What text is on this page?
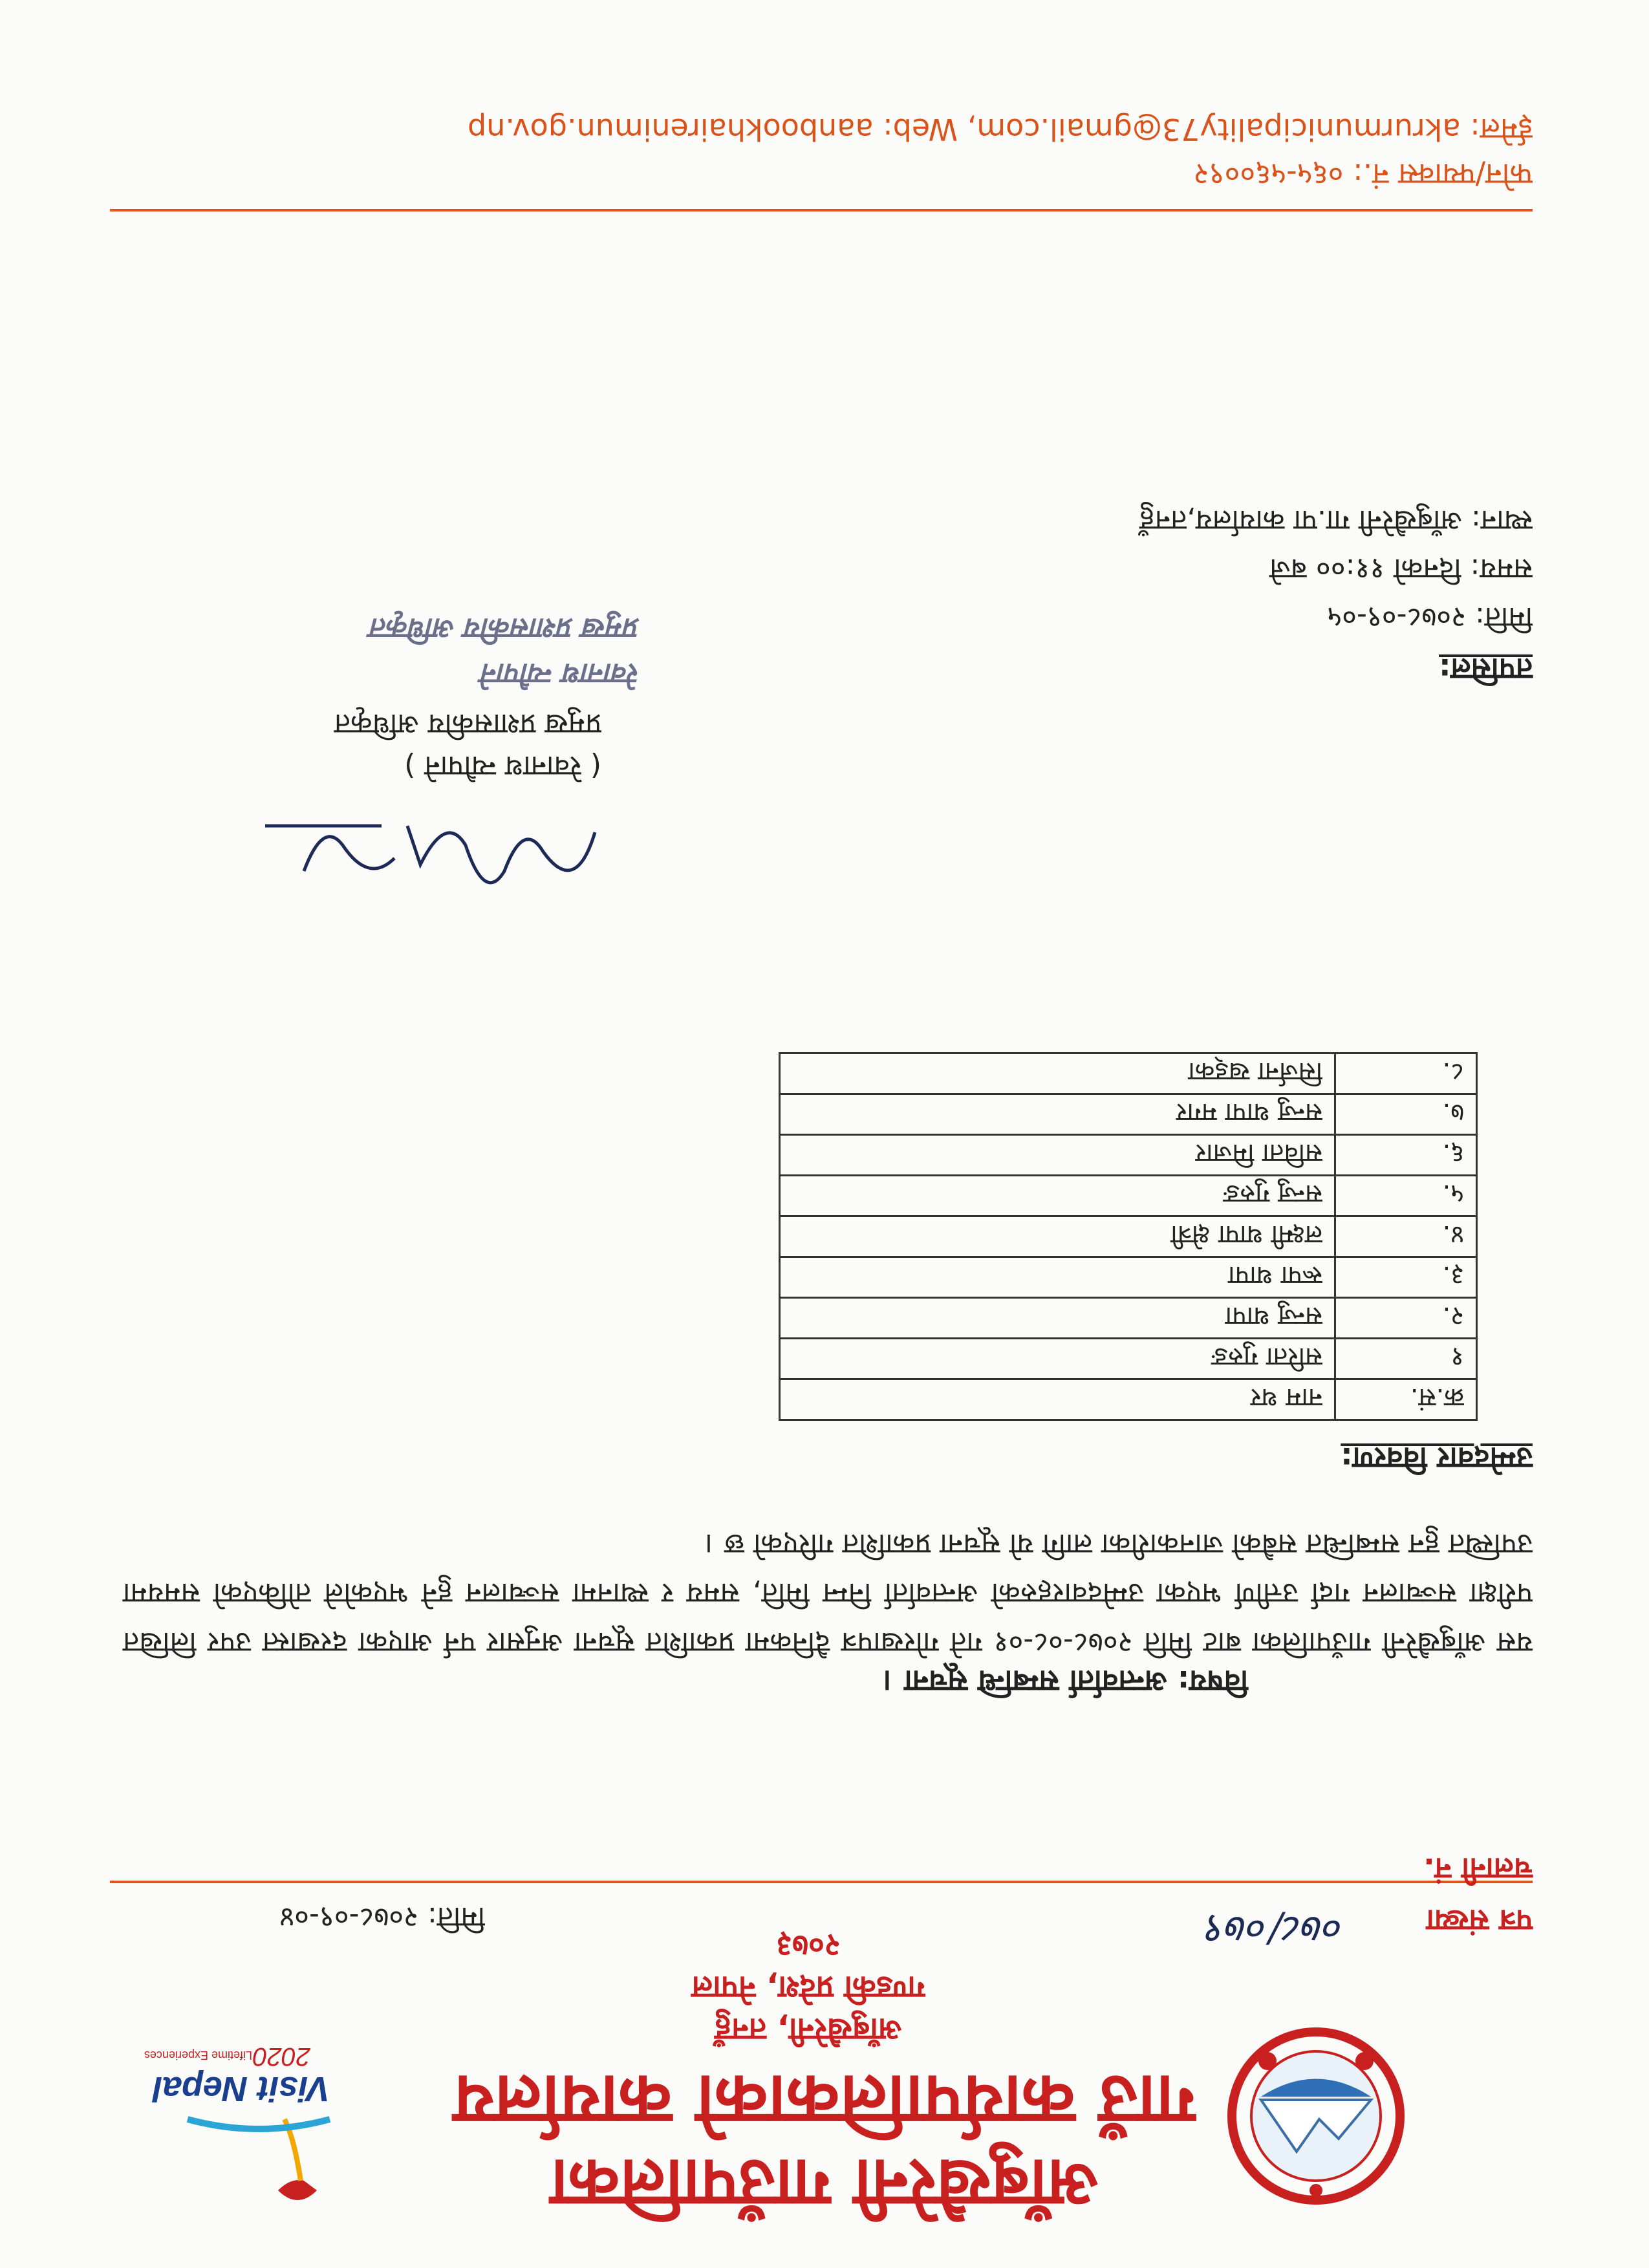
आँबुखैरेनी गाउँपालिका
गाउँ कार्यपालिकाको कार्यालय
आँबुखैरेनी, तनहुँ
गण्डकी प्रदेश, नेपाल
२०७३
Visit Nepal
2020
Lifetime Experiences
पत्र संख्या
०७८/०७९
मिति: २०७८-०९-०४
चलानी नं.
विषय: अन्तर्वार्ता सम्बन्धि सूचना ।
यस आँबुखैरेनी गाउँपालिका बाट मिति २०७८-०८-०१ गते गोरखापत्र दैनिकमा प्रकाशित सूचना अनुसार पर्न आएका दरखास्त उपर लिखित परीक्षा सञ्चालन गर्दा उत्तीर्ण भएका उम्मेदवारहरुको अन्तर्वार्ता निम्न मिति, समय र स्थानमा सञ्चालन हुने भएकोले तोकिएको समयमा उपस्थित हुन सम्बन्धित सबैको जानकारीका लागि यो सूचना प्रकाशित गरिएको छ ।
उम्मेदवार विवरण:
क्र.सं.	नाम थर
१	सरिता गुरुङ
२.	सन्जु थापा
३.	रूपा थापा
४.	लक्ष्मी थापा क्षेत्री
५.	सन्जु गुरुङ
६.	सविता मिजार
७.	सन्जु थापा मगर
८.	सिर्जना खड्का
( रेवानाथ न्यौपाने )
प्रमुख प्रशासकीय अधिकृत
रेवानाथ न्यौपाने
प्रमुख प्रशासकीय अधिकृत
तपसिल:
मिति: २०७८-०९-०५
समय: दिनको ११:०० बजे
स्थान: आँबुखैरेनी गा.पा कार्यालय,तनहुँ
फोन/फ्याक्स नं.: ०६५-५६००९२
ईमेल: akrurmunicipality73@gmail.com, Web: aanbookhairenimun.gov.np
